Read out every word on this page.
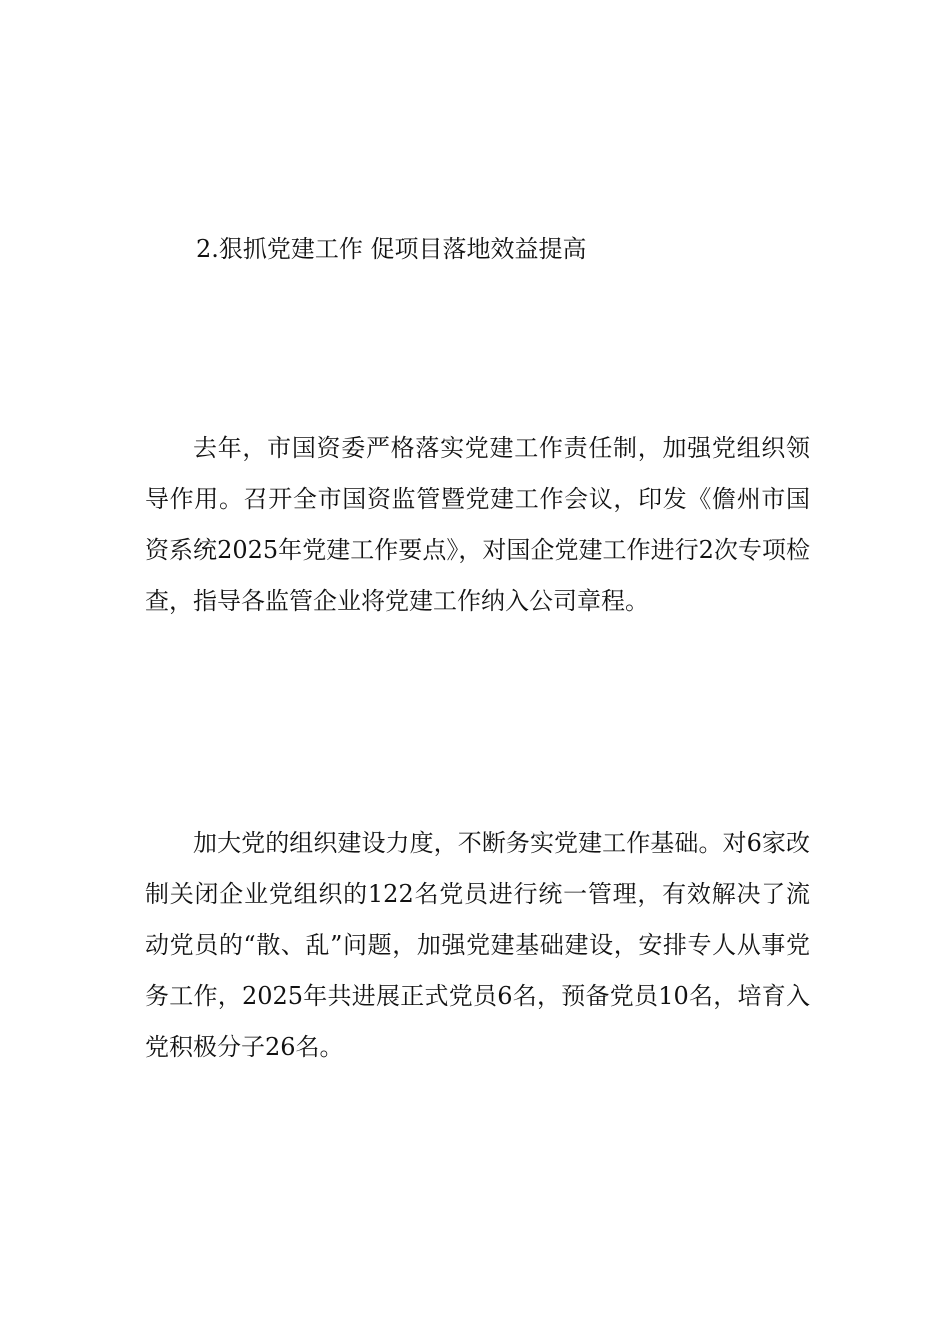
2.狠抓党建工作 促项目落地效益提高

去年，市国资委严格落实党建工作责任制，加强党组织领导作用。召开全市国资监管暨党建工作会议，印发《儋州市国资系统2025年党建工作要点》，对国企党建工作进行2次专项检查，指导各监管企业将党建工作纳入公司章程。

加大党的组织建设力度，不断务实党建工作基础。对6家改制关闭企业党组织的122名党员进行统一管理，有效解决了流动党员的“散、乱”问题，加强党建基础建设，安排专人从事党务工作，2025年共进展正式党员6名，预备党员10名，培育入党积极分子26名。
